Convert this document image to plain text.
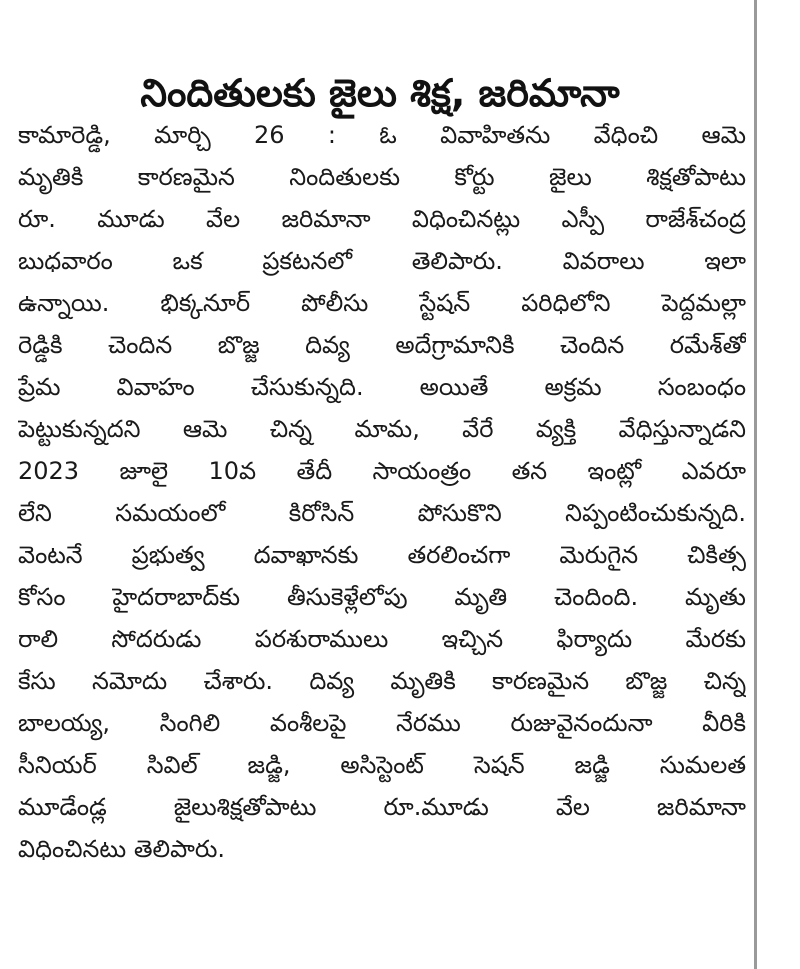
నిందితులకు జైలు శిక్ష, జరిమానా
కామారెడ్డి, మార్చి 26 : ఓ వివాహితను వేధించి ఆమె
మృతికి కారణమైన నిందితులకు కోర్టు జైలు శిక్షతోపాటు
రూ. మూడు వేల జరిమానా విధించినట్లు ఎస్పీ రాజేశ్‌చంద్ర
బుధవారం ఒక ప్రకటనలో తెలిపారు. వివరాలు ఇలా
ఉన్నాయి. భిక్కనూర్ పోలీసు స్టేషన్ పరిధిలోని పెద్దమల్లా
రెడ్డికి చెందిన బొజ్జ దివ్య అదేగ్రామానికి చెందిన రమేశ్‌తో
ప్రేమ వివాహం చేసుకున్నది. అయితే అక్రమ సంబంధం
పెట్టుకున్నదని ఆమె చిన్న మామ, వేరే వ్యక్తి వేధిస్తున్నాడని
2023 జూలై 10వ తేదీ సాయంత్రం తన ఇంట్లో ఎవరూ
లేని సమయంలో కిరోసిన్ పోసుకొని నిప్పంటించుకున్నది.
వెంటనే ప్రభుత్వ దవాఖానకు తరలించగా మెరుగైన చికిత్స
కోసం హైదరాబాద్‌కు తీసుకెళ్లేలోపు మృతి చెందింది. మృతు
రాలి సోదరుడు పరశురాములు ఇచ్చిన ఫిర్యాదు మేరకు
కేసు నమోదు చేశారు. దివ్య మృతికి కారణమైన బొజ్జ చిన్న
బాలయ్య, సింగిలి వంశీలపై నేరము రుజువైనందునా వీరికి
సీనియర్ సివిల్ జడ్జి, అసిస్టెంట్ సెషన్ జడ్జి సుమలత
మూడేండ్ల జైలుశిక్షతోపాటు రూ.మూడు వేల జరిమానా
విధించినటు తెలిపారు.
